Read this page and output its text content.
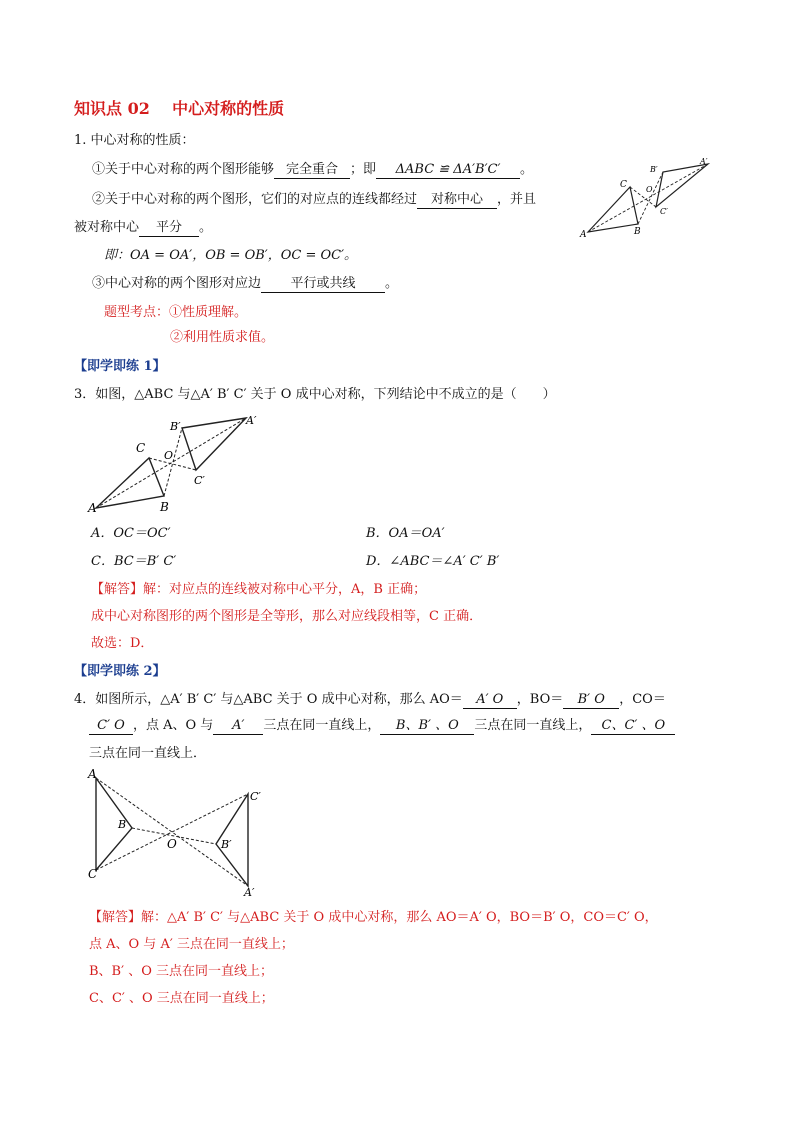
知识点 02 中心对称的性质
1. 中心对称的性质：
①关于中心对称的两个图形能够 完全重合 ；即 ΔABC ≌ ΔA′B′C′ 。
②关于中心对称的两个图形，它们的对应点的连线都经过 对称中心 ，并且
被对称中心 平分 。
即：OA = OA′，OB = OB′，OC = OC′。
③中心对称的两个图形对应边 平行或共线 。
题型考点：①性质理解。
②利用性质求值。
A
C
B
O
C′
B′
A′
【即学即练 1】
3．如图，△ABC 与△A′ B′ C′ 关于 O 成中心对称，下列结论中不成立的是（　　）
A
C
B
O
C′
B′	A′
A．OC＝OC′	B．OA＝OA′
C．BC＝B′ C′	D．∠ABC＝∠A′ C′ B′
【解答】解：对应点的连线被对称中心平分，A，B 正确；
成中心对称图形的两个图形是全等形，那么对应线段相等，C 正确．
故选：D．
【即学即练 2】
4．如图所示，△A′ B′ C′ 与△ABC 关于 O 成中心对称，那么 AO＝ A′ O ，BO＝ B′ O ，CO＝
C′ O ，点 A、O 与 A′ 三点在同一直线上， B、B′ 、O 三点在同一直线上， C、C′ 、O
三点在同一直线上．
A
B
C
O	B′
C′
A′
【解答】解：△A′ B′ C′ 与△ABC 关于 O 成中心对称，那么 AO＝A′ O，BO＝B′ O，CO＝C′ O，
点 A、O 与 A′ 三点在同一直线上；
B、B′ 、O 三点在同一直线上；
C、C′ 、O 三点在同一直线上；
